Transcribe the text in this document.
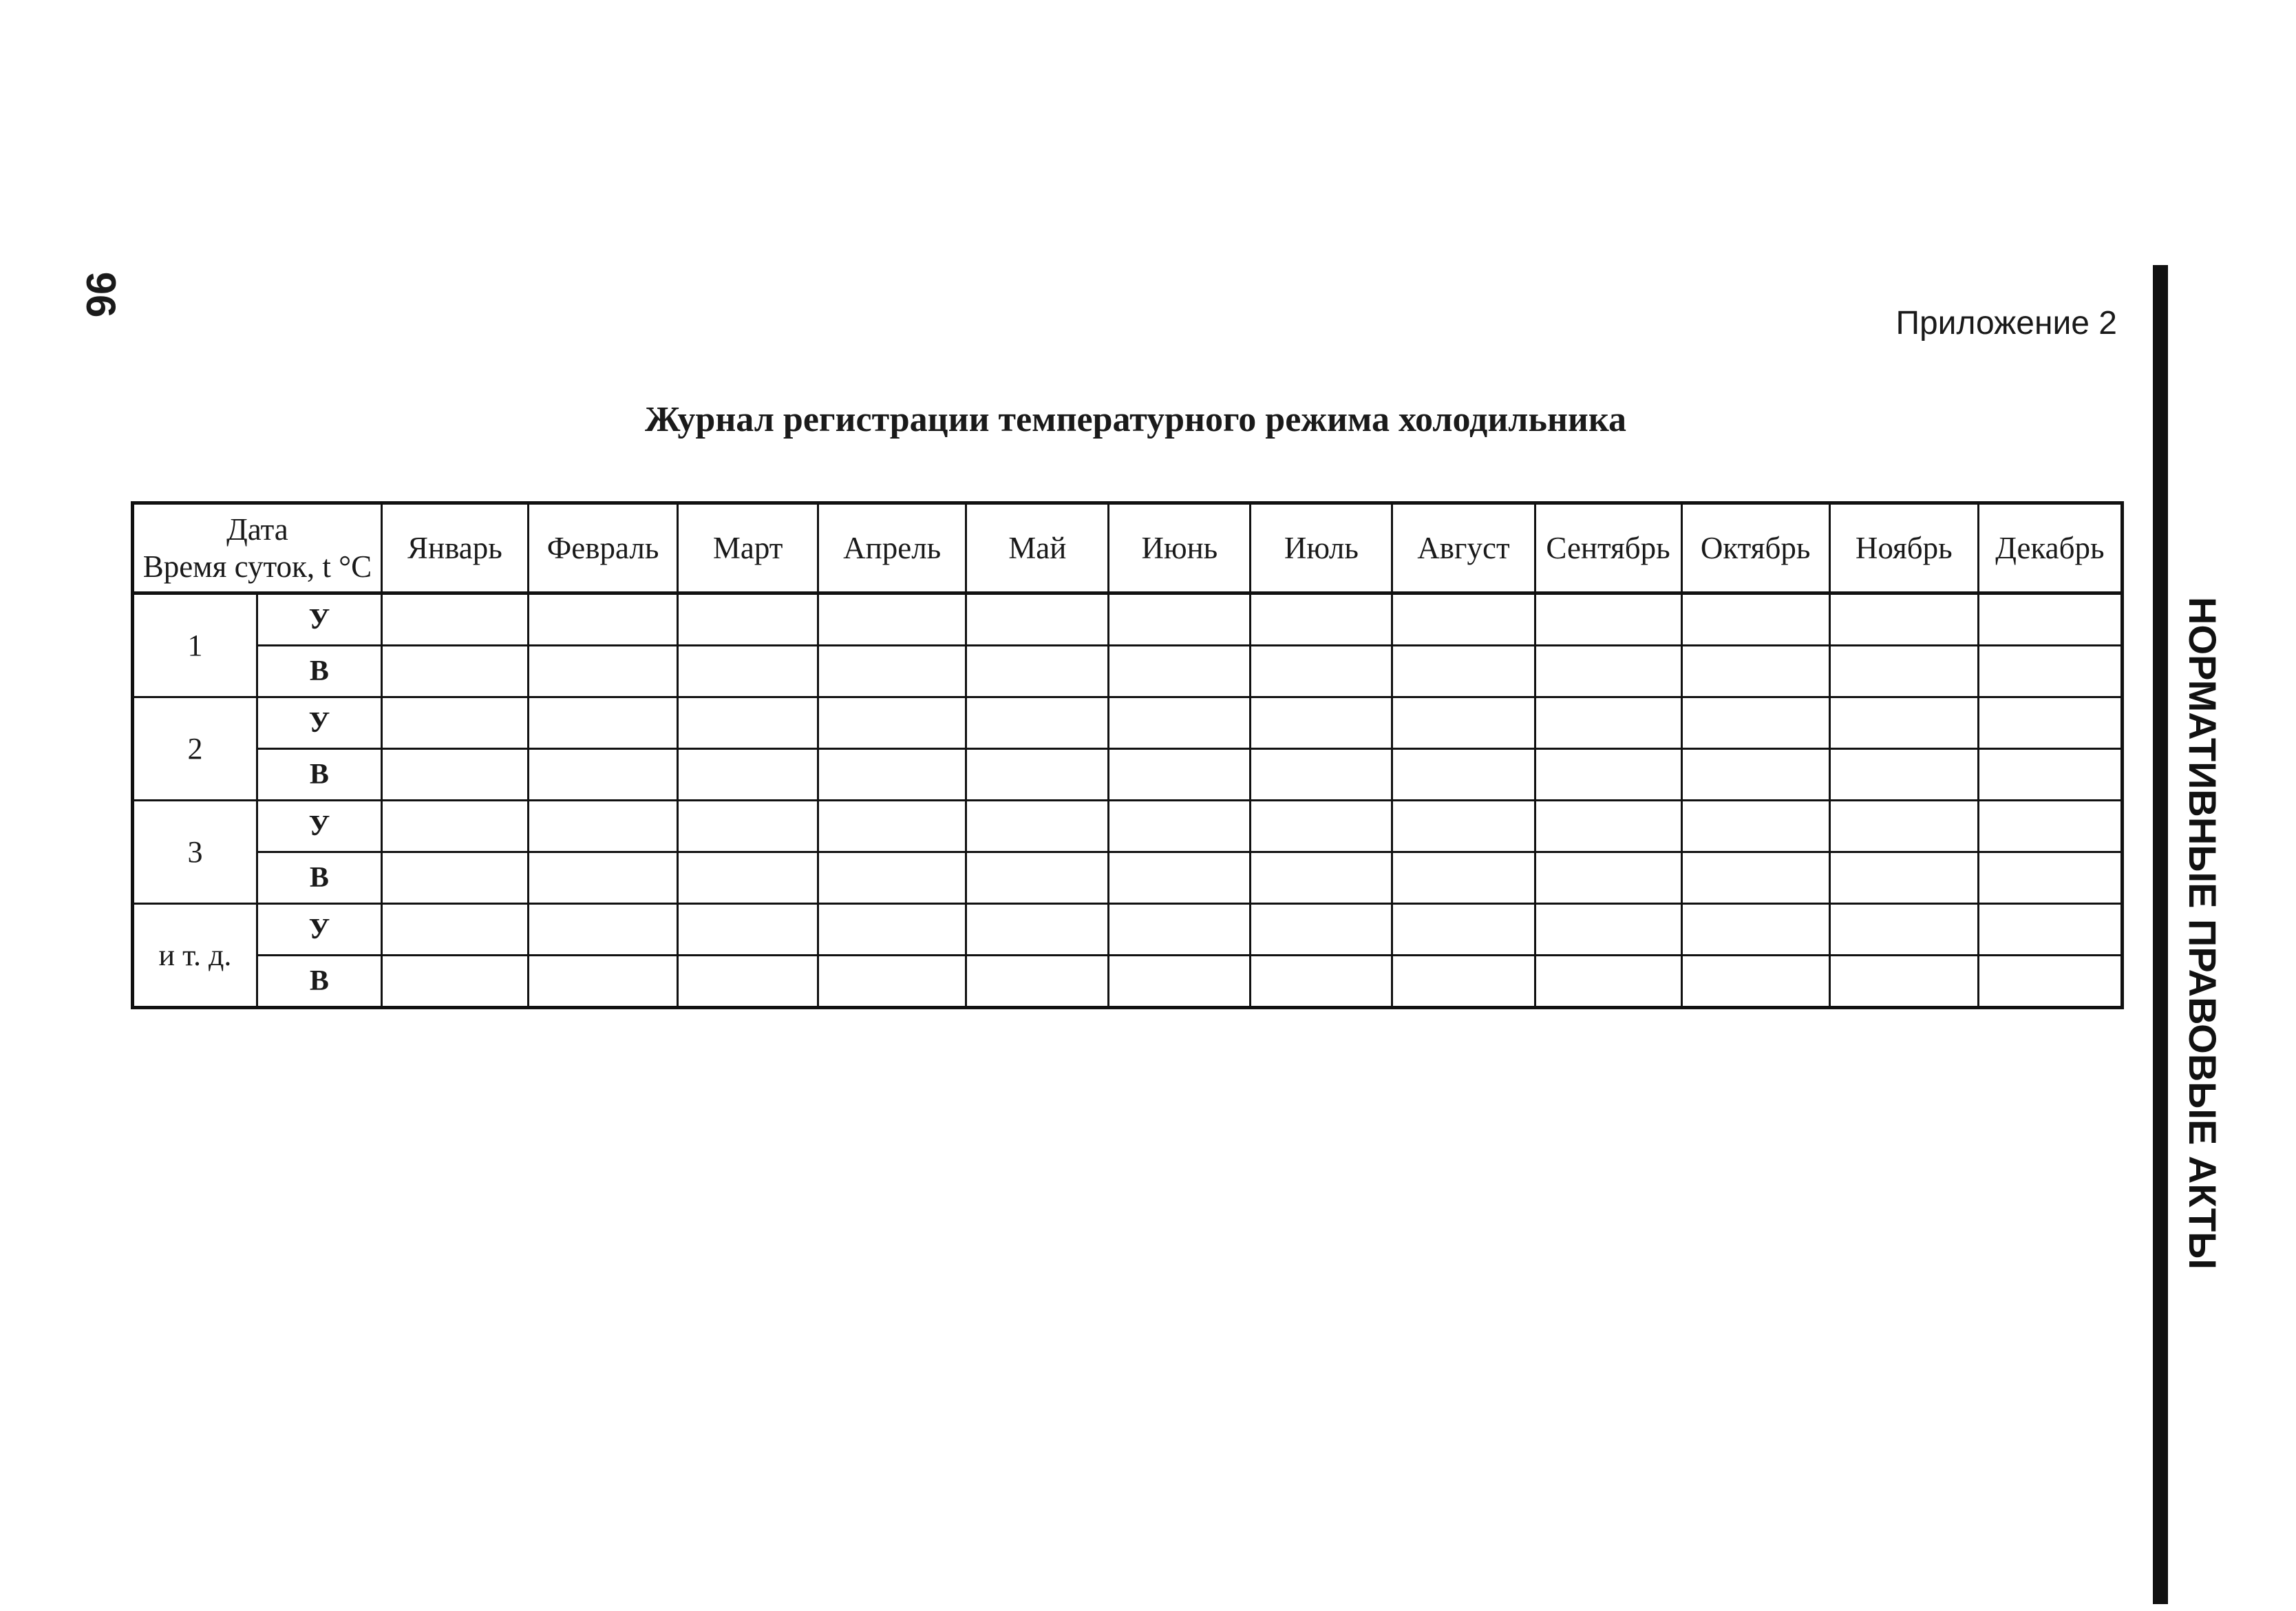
96
Приложение 2
Журнал регистрации температурного режима холодильника
Дата
Время суток, t °С		Январь	Февраль	Март	Апрель	Май	Июнь	Июль	Август	Сентябрь	Октябрь	Ноябрь	Декабрь
1	У												
	В												
2	У												
	В												
3	У												
	В												
и т. д.	У												
	В													НОРМАТИВНЫЕ ПРАВОВЫЕ АКТЫ
